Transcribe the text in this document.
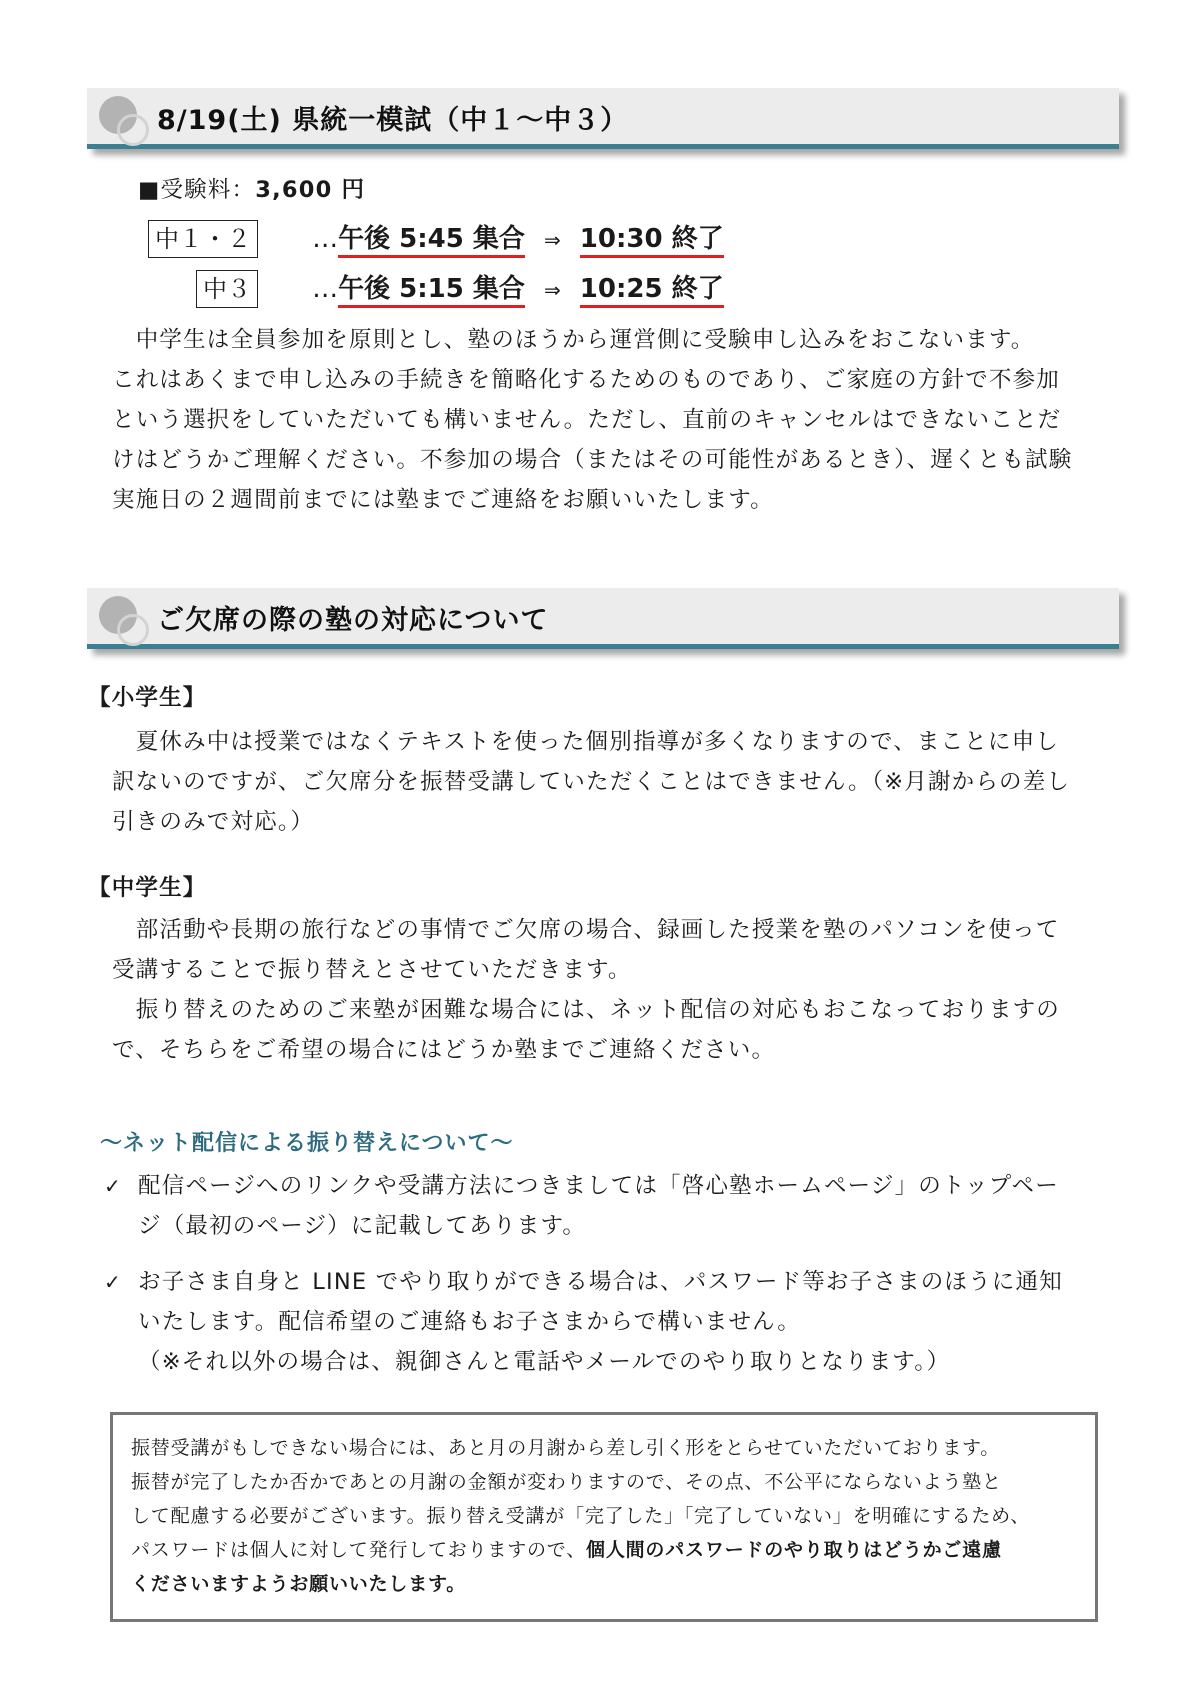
8/19(土) 県統一模試（中１～中３）
■受験料：3,600 円
中１・２ …午後 5:45 集合 ⇒ 10:30 終了
中３ …午後 5:15 集合 ⇒ 10:25 終了
　中学生は全員参加を原則とし、塾のほうから運営側に受験申し込みをおこないます。
これはあくまで申し込みの手続きを簡略化するためのものであり、ご家庭の方針で不参加
という選択をしていただいても構いません。ただし、直前のキャンセルはできないことだ
けはどうかご理解ください。不参加の場合（またはその可能性があるとき）、遅くとも試験
実施日の２週間前までには塾までご連絡をお願いいたします。
ご欠席の際の塾の対応について
【小学生】
　夏休み中は授業ではなくテキストを使った個別指導が多くなりますので、まことに申し
訳ないのですが、ご欠席分を振替受講していただくことはできません。（※月謝からの差し
引きのみで対応。）
【中学生】
　部活動や長期の旅行などの事情でご欠席の場合、録画した授業を塾のパソコンを使って
受講することで振り替えとさせていただきます。
　振り替えのためのご来塾が困難な場合には、ネット配信の対応もおこなっておりますの
で、そちらをご希望の場合にはどうか塾までご連絡ください。
～ネット配信による振り替えについて～
✓ 配信ページへのリンクや受講方法につきましては「啓心塾ホームページ」のトップペー
ジ（最初のページ）に記載してあります。
✓ お子さま自身と LINE でやり取りができる場合は、パスワード等お子さまのほうに通知
いたします。配信希望のご連絡もお子さまからで構いません。
（※それ以外の場合は、親御さんと電話やメールでのやり取りとなります。）
振替受講がもしできない場合には、あと月の月謝から差し引く形をとらせていただいております。
振替が完了したか否かであとの月謝の金額が変わりますので、その点、不公平にならないよう塾と
して配慮する必要がございます。振り替え受講が「完了した」「完了していない」を明確にするため、
パスワードは個人に対して発行しておりますので、個人間のパスワードのやり取りはどうかご遠慮
くださいますようお願いいたします。
